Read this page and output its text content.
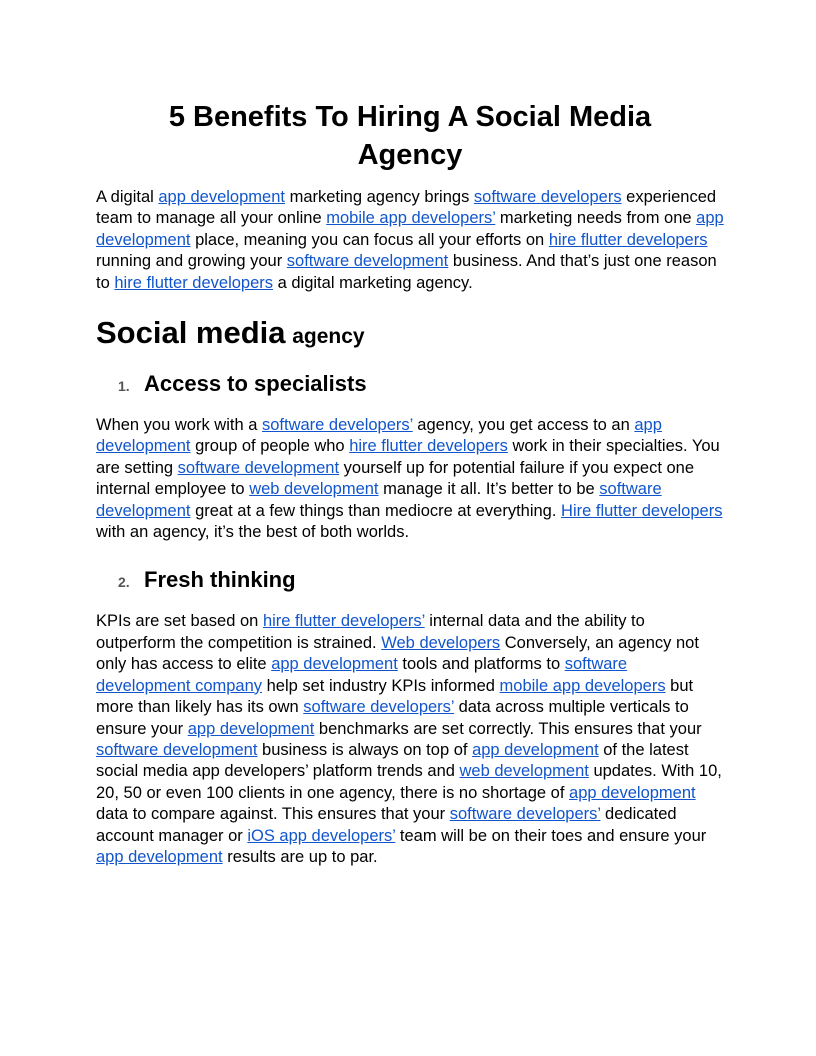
5 Benefits To Hiring A Social Media Agency

A digital app development marketing agency brings software developers experienced team to manage all your online mobile app developers’ marketing needs from one app development place, meaning you can focus all your efforts on hire flutter developers running and growing your software development business. And that’s just one reason to hire flutter developers a digital marketing agency.

Social media agency
1. Access to specialists

When you work with a software developers’ agency, you get access to an app development group of people who hire flutter developers work in their specialties. You are setting software development yourself up for potential failure if you expect one internal employee to web development manage it all. It’s better to be software development great at a few things than mediocre at everything. Hire flutter developers with an agency, it’s the best of both worlds.

2. Fresh thinking

KPIs are set based on hire flutter developers’ internal data and the ability to outperform the competition is strained. Web developers Conversely, an agency not only has access to elite app development tools and platforms to software development company help set industry KPIs informed mobile app developers but more than likely has its own software developers’ data across multiple verticals to ensure your app development benchmarks are set correctly. This ensures that your software development business is always on top of app development of the latest social media app developers’ platform trends and web development updates. With 10, 20, 50 or even 100 clients in one agency, there is no shortage of app development data to compare against. This ensures that your software developers’ dedicated account manager or iOS app developers’ team will be on their toes and ensure your app development results are up to par.
